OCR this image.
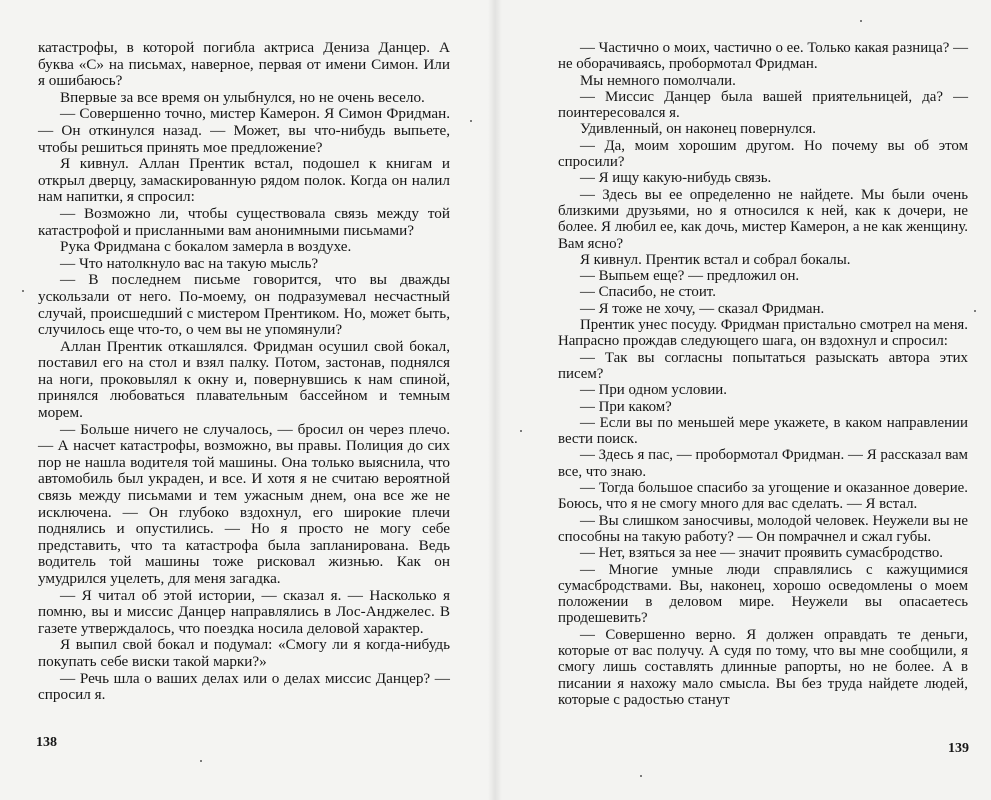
катастрофы, в которой погибла актриса Дениза Данцер. А буква «С» на письмах, наверное, первая от имени Симон. Или я ошибаюсь?

Впервые за все время он улыбнулся, но не очень весело.

— Совершенно точно, мистер Камерон. Я Симон Фридман. — Он откинулся назад. — Может, вы что-нибудь выпьете, чтобы решиться принять мое предложение?

Я кивнул. Аллан Прентик встал, подошел к книгам и открыл дверцу, замаскированную рядом полок. Когда он налил нам напитки, я спросил:

— Возможно ли, чтобы существовала связь между той катастрофой и присланными вам анонимными письмами?

Рука Фридмана с бокалом замерла в воздухе.

— Что натолкнуло вас на такую мысль?

— В последнем письме говорится, что вы дважды ускользали от него. По-моему, он подразумевал несчастный случай, происшедший с мистером Прентиком. Но, может быть, случилось еще что-то, о чем вы не упомянули?

Аллан Прентик откашлялся. Фридман осушил свой бокал, поставил его на стол и взял палку. Потом, застонав, поднялся на ноги, проковылял к окну и, повернувшись к нам спиной, принялся любоваться плавательным бассейном и темным морем.

— Больше ничего не случалось, — бросил он через плечо. — А насчет катастрофы, возможно, вы правы. Полиция до сих пор не нашла водителя той машины. Она только выяснила, что автомобиль был украден, и все. И хотя я не считаю вероятной связь между письмами и тем ужасным днем, она все же не исключена. — Он глубоко вздохнул, его широкие плечи поднялись и опустились. — Но я просто не могу себе представить, что та катастрофа была запланирована. Ведь водитель той машины тоже рисковал жизнью. Как он умудрился уцелеть, для меня загадка.

— Я читал об этой истории, — сказал я. — Насколько я помню, вы и миссис Данцер направлялись в Лос-Анджелес. В газете утверждалось, что поездка носила деловой характер.

Я выпил свой бокал и подумал: «Смогу ли я когда-нибудь покупать себе виски такой марки?»

— Речь шла о ваших делах или о делах миссис Данцер? — спросил я.

138

— Частично о моих, частично о ее. Только какая разница? — не оборачиваясь, пробормотал Фридман.

Мы немного помолчали.

— Миссис Данцер была вашей приятельницей, да? — поинтересовался я.

Удивленный, он наконец повернулся.

— Да, моим хорошим другом. Но почему вы об этом спросили?

— Я ищу какую-нибудь связь.

— Здесь вы ее определенно не найдете. Мы были очень близкими друзьями, но я относился к ней, как к дочери, не более. Я любил ее, как дочь, мистер Камерон, а не как женщину. Вам ясно?

Я кивнул. Прентик встал и собрал бокалы.

— Выпьем еще? — предложил он.

— Спасибо, не стоит.

— Я тоже не хочу, — сказал Фридман.

Прентик унес посуду. Фридман пристально смотрел на меня. Напрасно прождав следующего шага, он вздохнул и спросил:

— Так вы согласны попытаться разыскать автора этих писем?

— При одном условии.

— При каком?

— Если вы по меньшей мере укажете, в каком направлении вести поиск.

— Здесь я пас, — пробормотал Фридман. — Я рассказал вам все, что знаю.

— Тогда большое спасибо за угощение и оказанное доверие. Боюсь, что я не смогу много для вас сделать. — Я встал.

— Вы слишком заносчивы, молодой человек. Неужели вы не способны на такую работу? — Он помрачнел и сжал губы.

— Нет, взяться за нее — значит проявить сумасбродство.

— Многие умные люди справлялись с кажущимися сумасбродствами. Вы, наконец, хорошо осведомлены о моем положении в деловом мире. Неужели вы опасаетесь продешевить?

— Совершенно верно. Я должен оправдать те деньги, которые от вас получу. А судя по тому, что вы мне сообщили, я смогу лишь составлять длинные рапорты, но не более. А в писании я нахожу мало смысла. Вы без труда найдете людей, которые с радостью станут

139
